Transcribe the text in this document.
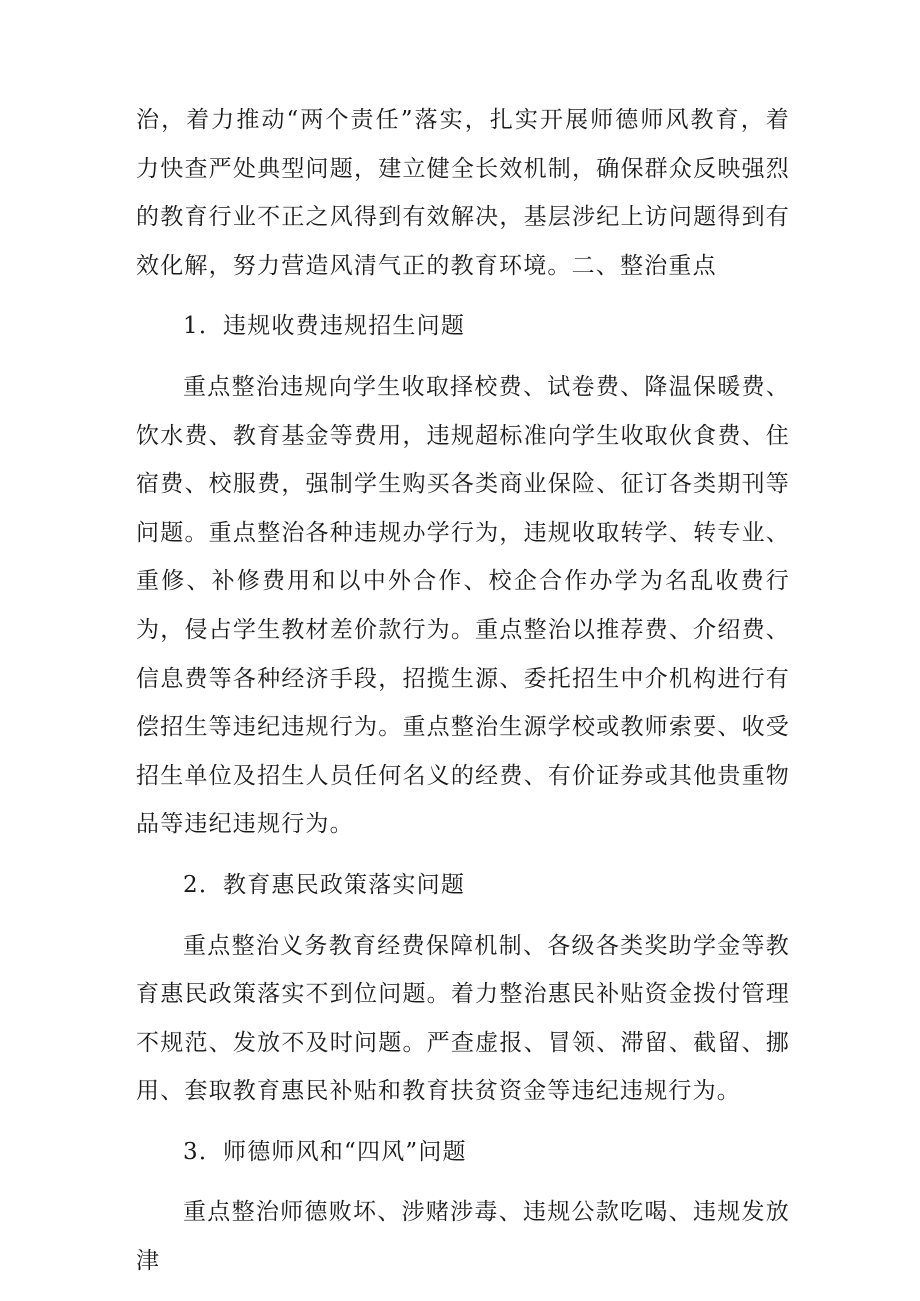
治，着力推动“两个责任”落实，扎实开展师德师风教育，着力快查严处典型问题，建立健全长效机制，确保群众反映强烈的教育行业不正之风得到有效解决，基层涉纪上访问题得到有效化解，努力营造风清气正的教育环境。二、整治重点

1．违规收费违规招生问题

重点整治违规向学生收取择校费、试卷费、降温保暖费、饮水费、教育基金等费用，违规超标准向学生收取伙食费、住宿费、校服费，强制学生购买各类商业保险、征订各类期刊等问题。重点整治各种违规办学行为，违规收取转学、转专业、重修、补修费用和以中外合作、校企合作办学为名乱收费行为，侵占学生教材差价款行为。重点整治以推荐费、介绍费、信息费等各种经济手段，招揽生源、委托招生中介机构进行有偿招生等违纪违规行为。重点整治生源学校或教师索要、收受招生单位及招生人员任何名义的经费、有价证券或其他贵重物品等违纪违规行为。

2．教育惠民政策落实问题

重点整治义务教育经费保障机制、各级各类奖助学金等教育惠民政策落实不到位问题。着力整治惠民补贴资金拨付管理不规范、发放不及时问题。严查虚报、冒领、滞留、截留、挪用、套取教育惠民补贴和教育扶贫资金等违纪违规行为。

3．师德师风和“四风”问题

重点整治师德败坏、涉赌涉毒、违规公款吃喝、违规发放津
